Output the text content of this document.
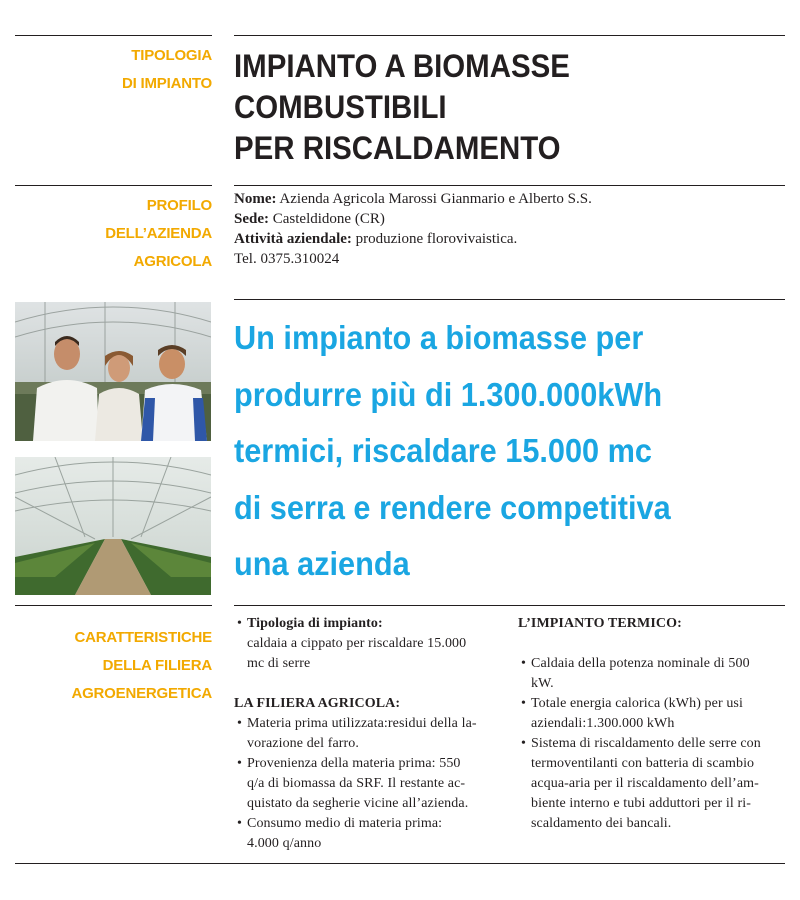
TIPOLOGIA
DI IMPIANTO
PROFILO
DELL’AZIENDA
AGRICOLA
CARATTERISTICHE
DELLA FILIERA
AGROENERGETICA
IMPIANTO A BIOMASSE
COMBUSTIBILI
PER RISCALDAMENTO
Nome: Azienda Agricola Marossi Gianmario e Alberto S.S.
Sede: Casteldidone (CR)
Attività aziendale: produzione florovivaistica.
Tel. 0375.310024
Un impianto a biomasse per
produrre più di 1.300.000kWh
termici, riscaldare 15.000 mc
di serra e rendere competitiva
una azienda
• Tipologia di impianto:
caldaia a cippato per riscaldare 15.000
mc di serre
LA FILIERA AGRICOLA:
• Materia prima utilizzata:residui della la-
vorazione del farro.
• Provenienza della materia prima: 550
q/a di biomassa da SRF. Il restante ac-
quistato da segherie vicine all’azienda.
• Consumo medio di materia prima:
4.000 q/anno
L’IMPIANTO TERMICO:
• Caldaia della potenza nominale di 500
kW.
• Totale energia calorica (kWh) per usi
aziendali:1.300.000 kWh
• Sistema di riscaldamento delle serre con
termoventilanti con batteria di scambio
acqua-aria per il riscaldamento dell’am-
biente interno e tubi adduttori per il ri-
scaldamento dei bancali.
